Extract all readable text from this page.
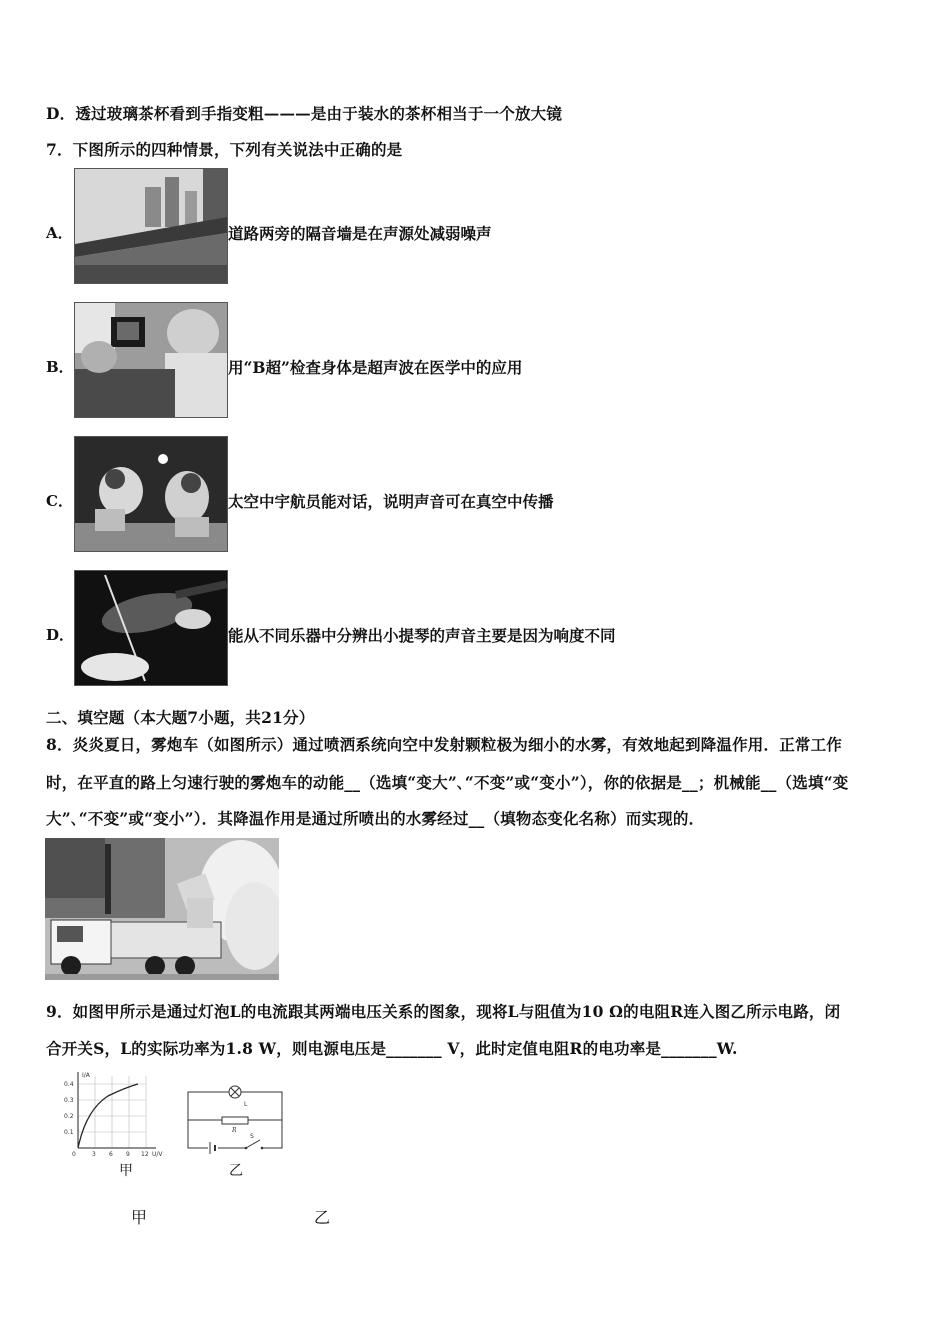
D．透过玻璃茶杯看到手指变粗———是由于装水的茶杯相当于一个放大镜
7．下图所示的四种情景，下列有关说法中正确的是
A．	道路两旁的隔音墙是在声源处减弱噪声
B．	用“B超”检查身体是超声波在医学中的应用
C．	太空中宇航员能对话，说明声音可在真空中传播
D．	能从不同乐器中分辨出小提琴的声音主要是因为响度不同
二、填空题（本大题7小题，共21分）
8．炎炎夏日，雾炮车（如图所示）通过喷洒系统向空中发射颗粒极为细小的水雾，有效地起到降温作用．正常工作
时，在平直的路上匀速行驶的雾炮车的动能__（选填“变大”､“不变”或“变小”），你的依据是__；机械能__（选填“变
大”､“不变”或“变小”）．其降温作用是通过所喷出的水雾经过__（填物态变化名称）而实现的．
9．如图甲所示是通过灯泡L的电流跟其两端电压关系的图象，现将L与阻值为10 Ω的电阻R连入图乙所示电路，闭
合开关S，L的实际功率为1.8 W，则电源电压是_______ V，此时定值电阻R的电功率是_______W.
I/A
U/V
0.4
0.3
0.2
0.1
0	3 6 9 12
甲
L
R
S
乙
甲	乙
